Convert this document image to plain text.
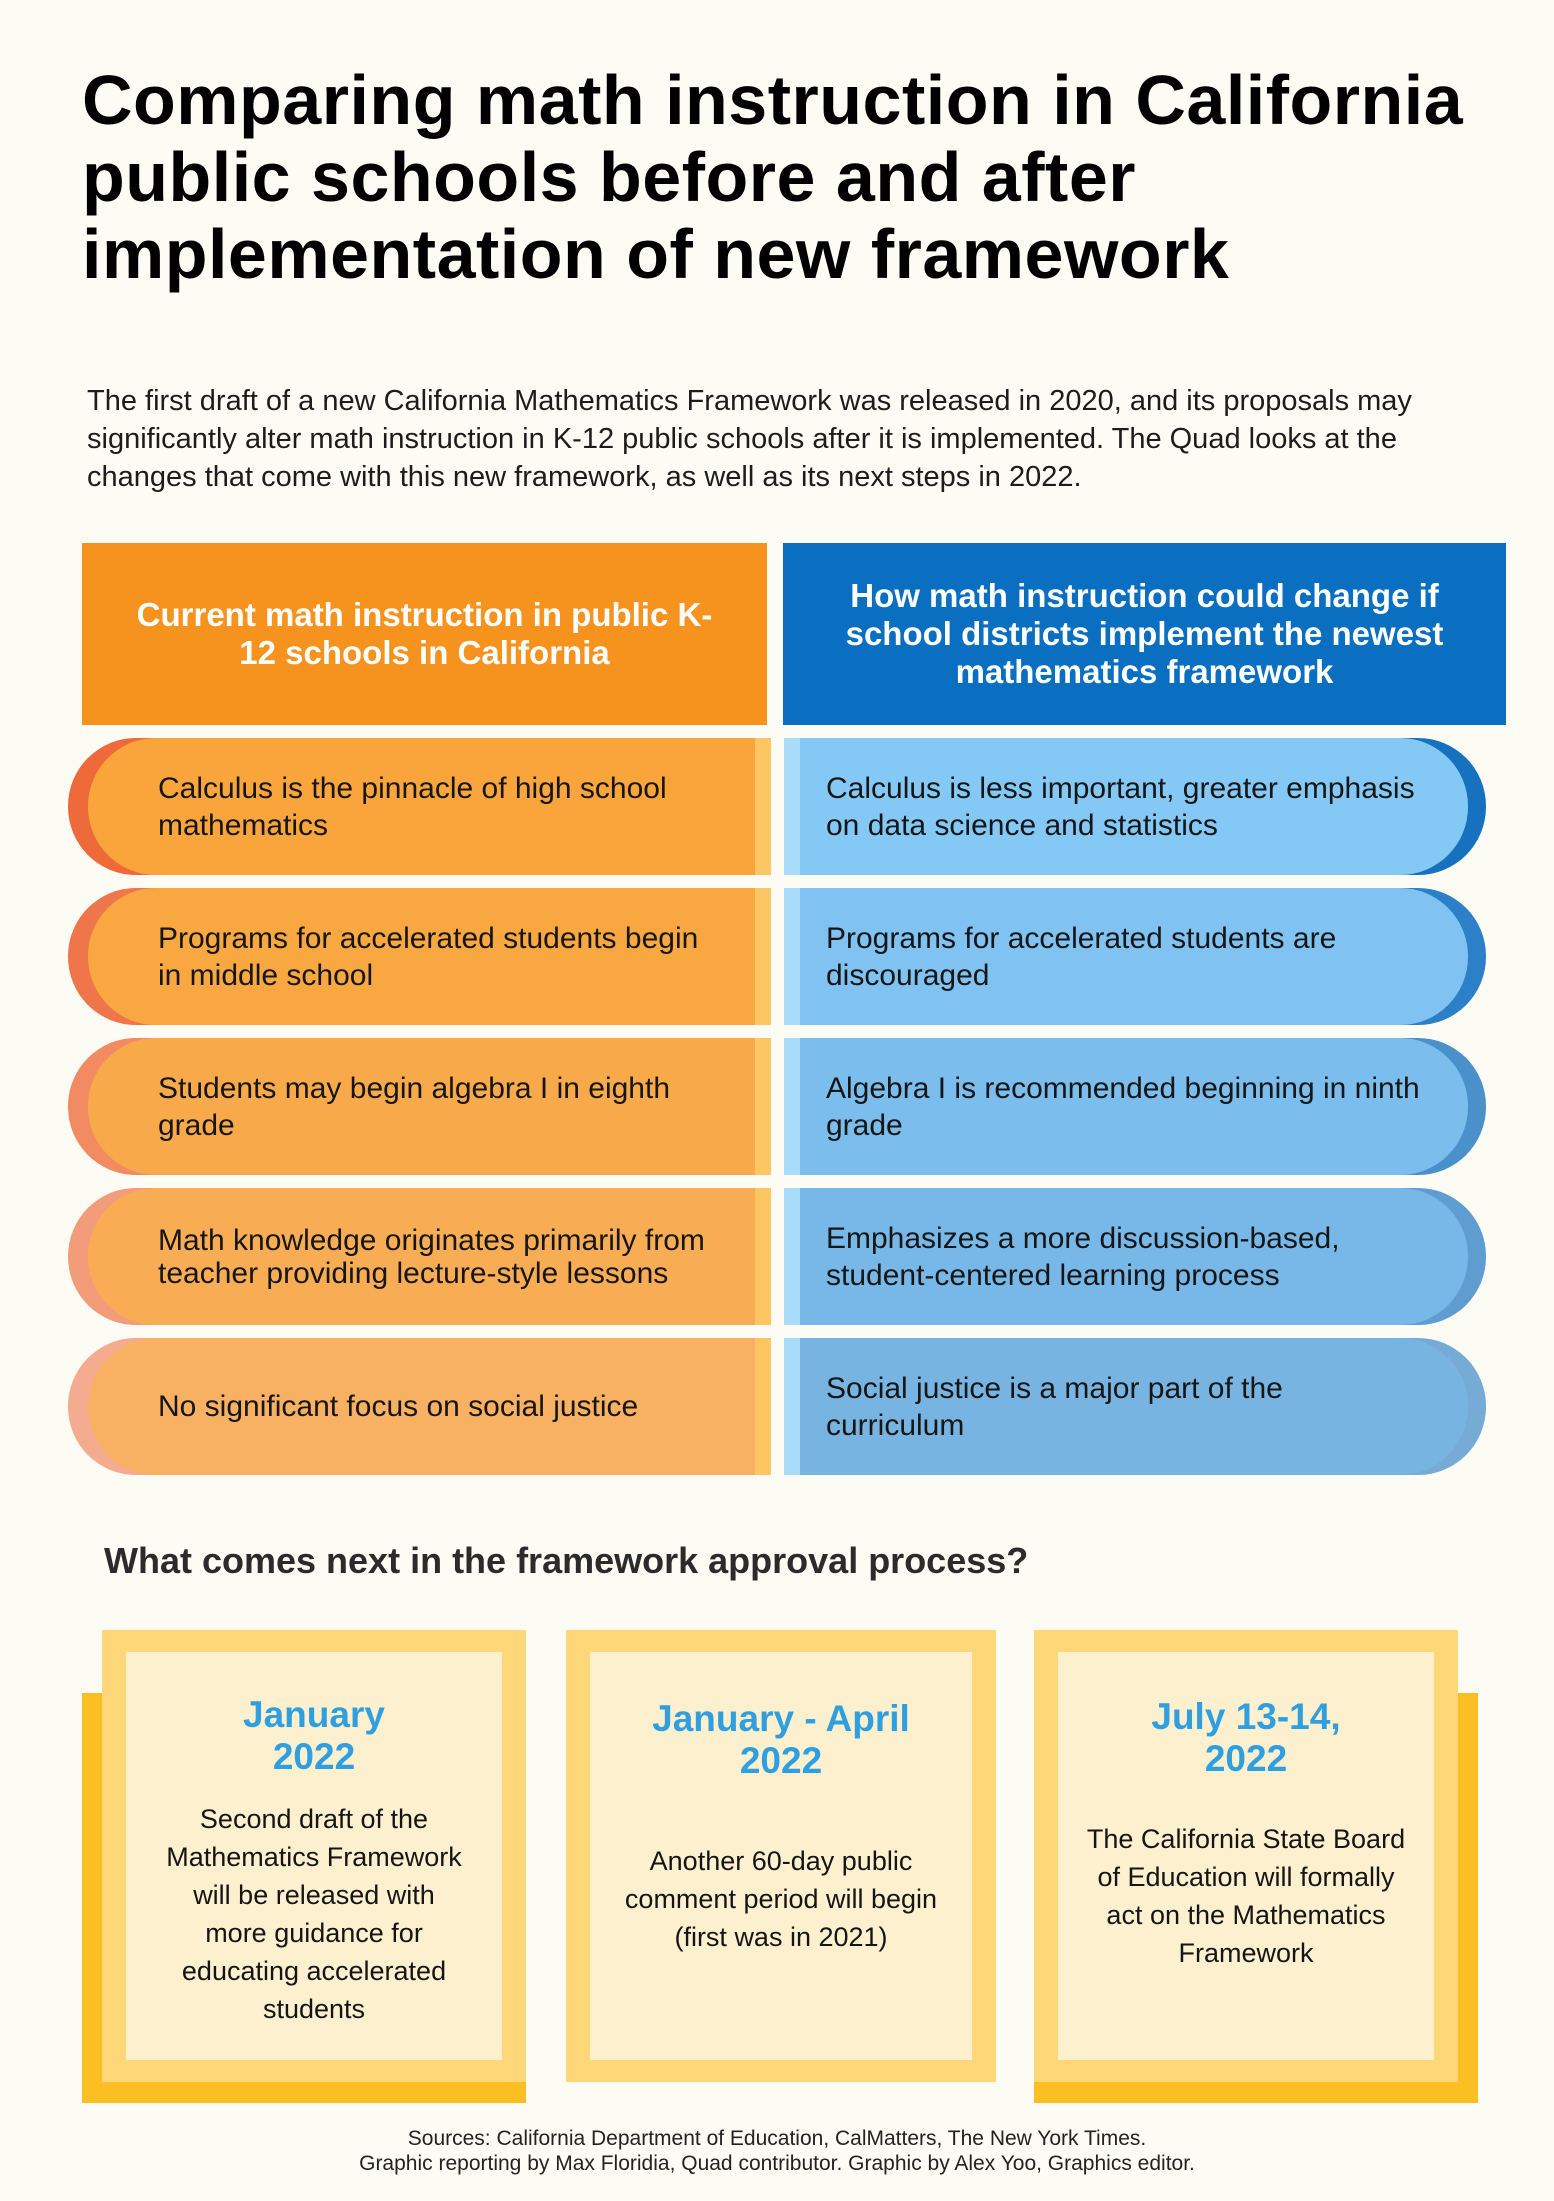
Comparing math instruction in California public schools before and after implementation of new framework

The first draft of a new California Mathematics Framework was released in 2020, and its proposals may significantly alter math instruction in K-12 public schools after it is implemented. The Quad looks at the changes that come with this new framework, as well as its next steps in 2022.

Current math instruction in public K-12 schools in California
How math instruction could change if school districts implement the newest mathematics framework
Calculus is the pinnacle of high school mathematics
Calculus is less important, greater emphasis on data science and statistics
Programs for accelerated students begin in middle school
Programs for accelerated students are discouraged
Students may begin algebra I in eighth grade
Algebra I is recommended beginning in ninth grade
Math knowledge originates primarily from teacher providing lecture-style lessons
Emphasizes a more discussion-based, student-centered learning process
No significant focus on social justice
Social justice is a major part of the curriculum
What comes next in the framework approval process?

January 2022

Second draft of the Mathematics Framework will be released with more guidance for educating accelerated students

January - April 2022

Another 60-day public comment period will begin (first was in 2021)

July 13-14, 2022

The California State Board of Education will formally act on the Mathematics Framework

Sources: California Department of Education, CalMatters, The New York Times.
Graphic reporting by Max Floridia, Quad contributor. Graphic by Alex Yoo, Graphics editor.
